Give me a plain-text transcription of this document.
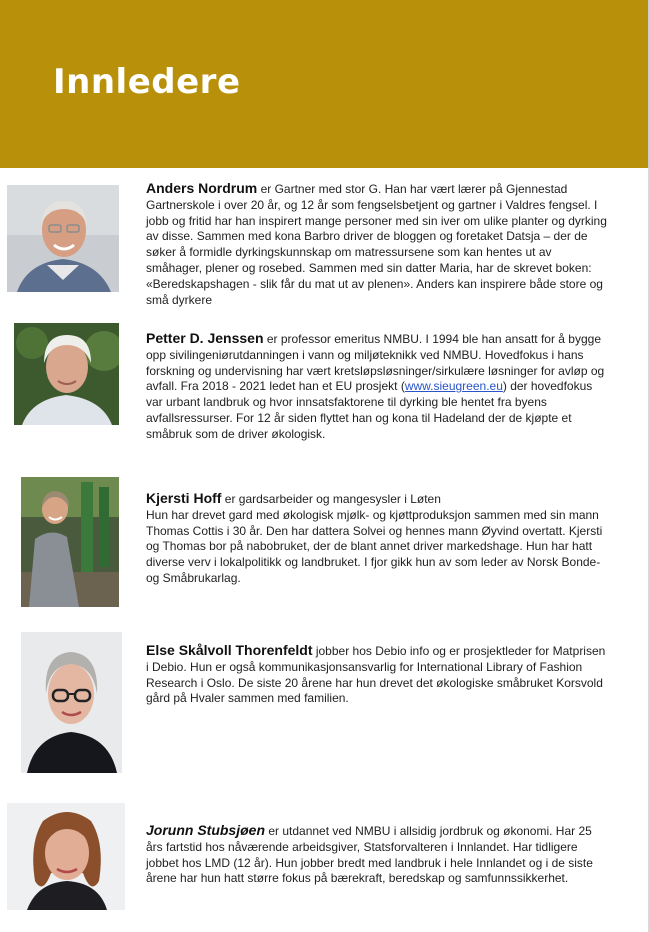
Innledere
Anders Nordrum er Gartner med stor G. Han har vært lærer på Gjennestad Gartnerskole i over 20 år, og 12 år som fengselsbetjent og gartner i Valdres fengsel. I jobb og fritid har han inspirert mange personer med sin iver om ulike planter og dyrking av disse. Sammen med kona Barbro driver de bloggen og foretaket Datsja – der de søker å formidle dyrkingskunnskap om matressursene som kan hentes ut av småhager, plener og rosebed. Sammen med sin datter Maria, har de skrevet boken: «Beredskapshagen - slik får du mat ut av plenen». Anders kan inspirere både store og små dyrkere
Petter D. Jenssen er professor emeritus NMBU. I 1994 ble han ansatt for å bygge opp sivilingeniørutdanningen i vann og miljøteknikk ved NMBU. Hovedfokus i hans forskning og undervisning har vært kretsløpsløsninger/sirkulære løsninger for avløp og avfall. Fra 2018 - 2021 ledet han et EU prosjekt (www.sieugreen.eu) der hovedfokus var urbant landbruk og hvor innsatsfaktorene til dyrking ble hentet fra byens avfallsressurser. For 12 år siden flyttet han og kona til Hadeland der de kjøpte et småbruk som de driver økologisk.
Kjersti Hoff er gardsarbeider og mangesysler i Løten
Hun har drevet gard med økologisk mjølk- og kjøttproduksjon sammen med sin mann Thomas Cottis i 30 år. Den har dattera Solvei og hennes mann Øyvind overtatt. Kjersti og Thomas bor på nabobruket, der de blant annet driver markedshage. Hun har hatt diverse verv i lokalpolitikk og landbruket. I fjor gikk hun av som leder av Norsk Bonde- og Småbrukarlag.
Else Skålvoll Thorenfeldt jobber hos Debio info og er prosjektleder for Matprisen i Debio. Hun er også kommunikasjonsansvarlig for International Library of Fashion Research i Oslo. De siste 20 årene har hun drevet det økologiske småbruket Korsvold gård på Hvaler sammen med familien.
Jorunn Stubsjøen er utdannet ved NMBU i allsidig jordbruk og økonomi. Har 25 års fartstid hos nåværende arbeidsgiver, Statsforvalteren i Innlandet. Har tidligere jobbet hos LMD (12 år). Hun jobber bredt med landbruk i hele Innlandet og i de siste årene har hun hatt større fokus på bærekraft, beredskap og samfunnssikkerhet.
